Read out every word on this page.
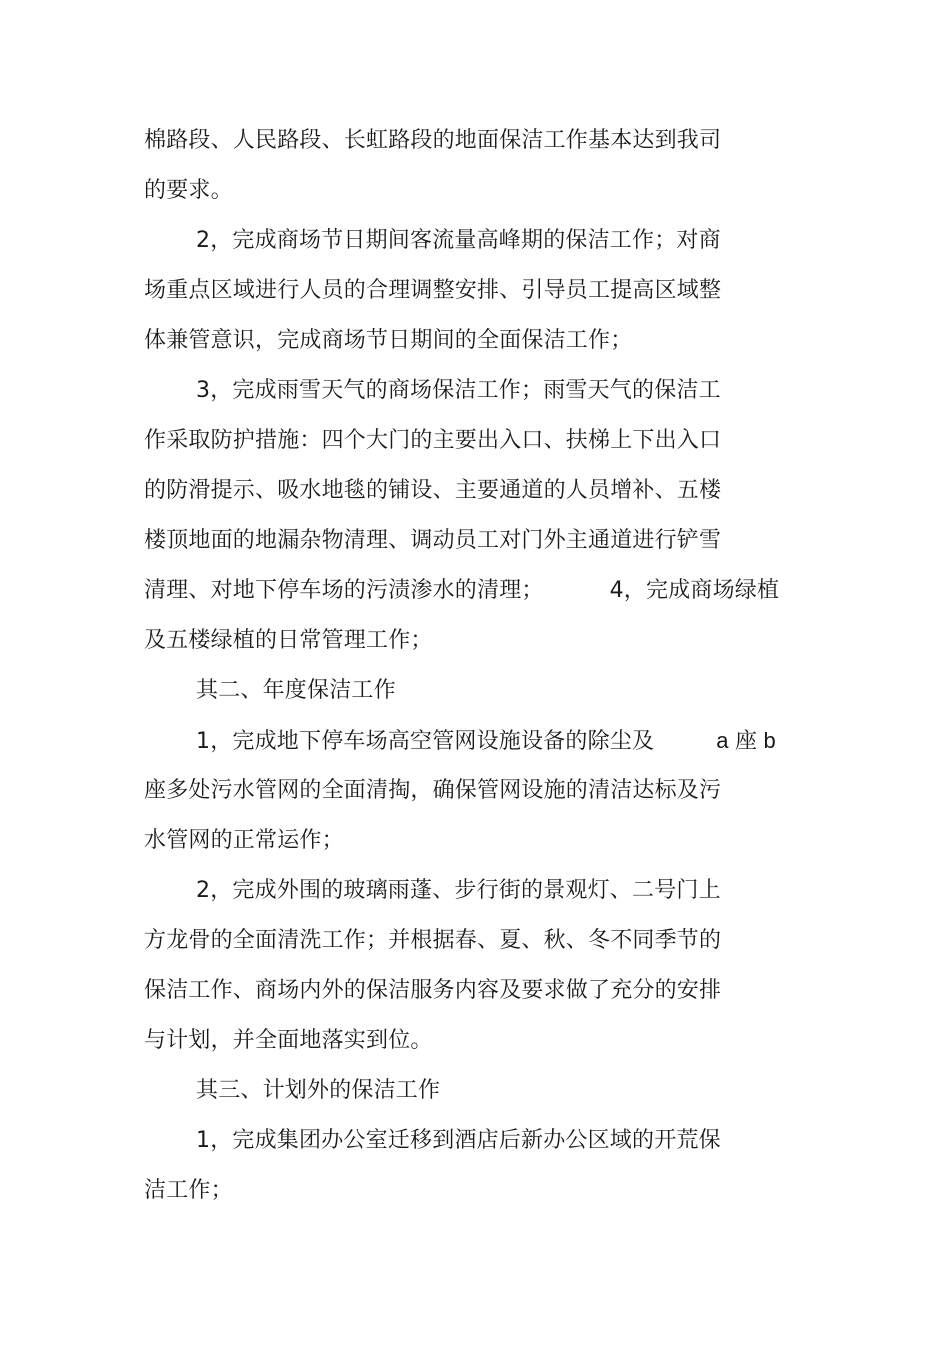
棉路段、人民路段、长虹路段的地面保洁工作基本达到我司
的要求。
2，完成商场节日期间客流量高峰期的保洁工作；对商
场重点区域进行人员的合理调整安排、引导员工提高区域整
体兼管意识，完成商场节日期间的全面保洁工作；
3，完成雨雪天气的商场保洁工作；雨雪天气的保洁工
作采取防护措施：四个大门的主要出入口、扶梯上下出入口
的防滑提示、吸水地毯的铺设、主要通道的人员增补、五楼
楼顶地面的地漏杂物清理、调动员工对门外主通道进行铲雪
清理、对地下停车场的污渍渗水的清理；	4，完成商场绿植
及五楼绿植的日常管理工作；
其二、年度保洁工作
1，完成地下停车场高空管网设施设备的除尘及	a 座 b
座多处污水管网的全面清掏，确保管网设施的清洁达标及污
水管网的正常运作；
2，完成外围的玻璃雨蓬、步行街的景观灯、二号门上
方龙骨的全面清洗工作；并根据春、夏、秋、冬不同季节的
保洁工作、商场内外的保洁服务内容及要求做了充分的安排
与计划，并全面地落实到位。
其三、计划外的保洁工作
1，完成集团办公室迁移到酒店后新办公区域的开荒保
洁工作；
